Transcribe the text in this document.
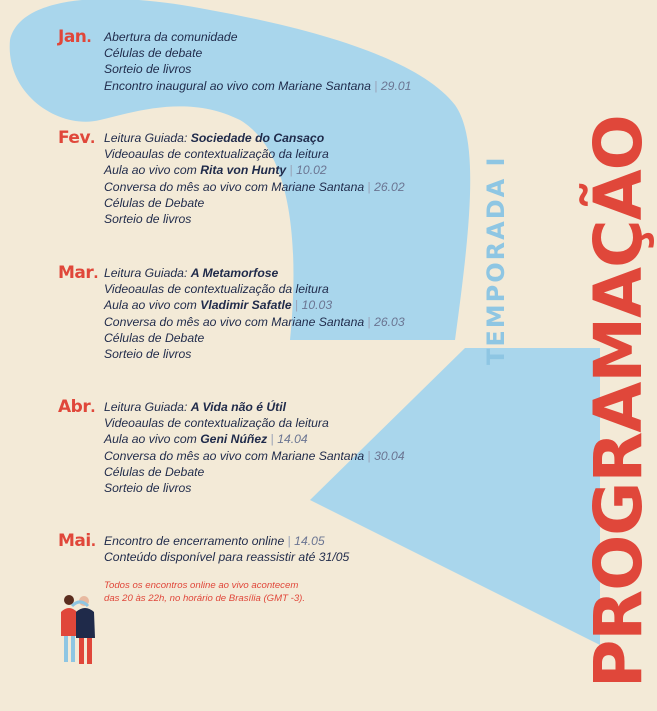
Jan. Abertura da comunidade
Células de debate
Sorteio de livros
Encontro inaugural ao vivo com Mariane Santana | 29.01
Fev. Leitura Guiada: Sociedade do Cansaço
Videoaulas de contextualização da leitura
Aula ao vivo com Rita von Hunty | 10.02
Conversa do mês ao vivo com Mariane Santana | 26.02
Células de Debate
Sorteio de livros
Mar. Leitura Guiada: A Metamorfose
Videoaulas de contextualização da leitura
Aula ao vivo com Vladimir Safatle | 10.03
Conversa do mês ao vivo com Mariane Santana | 26.03
Células de Debate
Sorteio de livros
Abr. Leitura Guiada: A Vida não é Útil
Videoaulas de contextualização da leitura
Aula ao vivo com Geni Núñez | 14.04
Conversa do mês ao vivo com Mariane Santana | 30.04
Células de Debate
Sorteio de livros
Mai. Encontro de encerramento online | 14.05
Conteúdo disponível para reassistir até 31/05
Todos os encontros online ao vivo acontecem
das 20 às 22h, no horário de Brasília (GMT -3).
TEMPORADA I PROGRAMAÇÃO
